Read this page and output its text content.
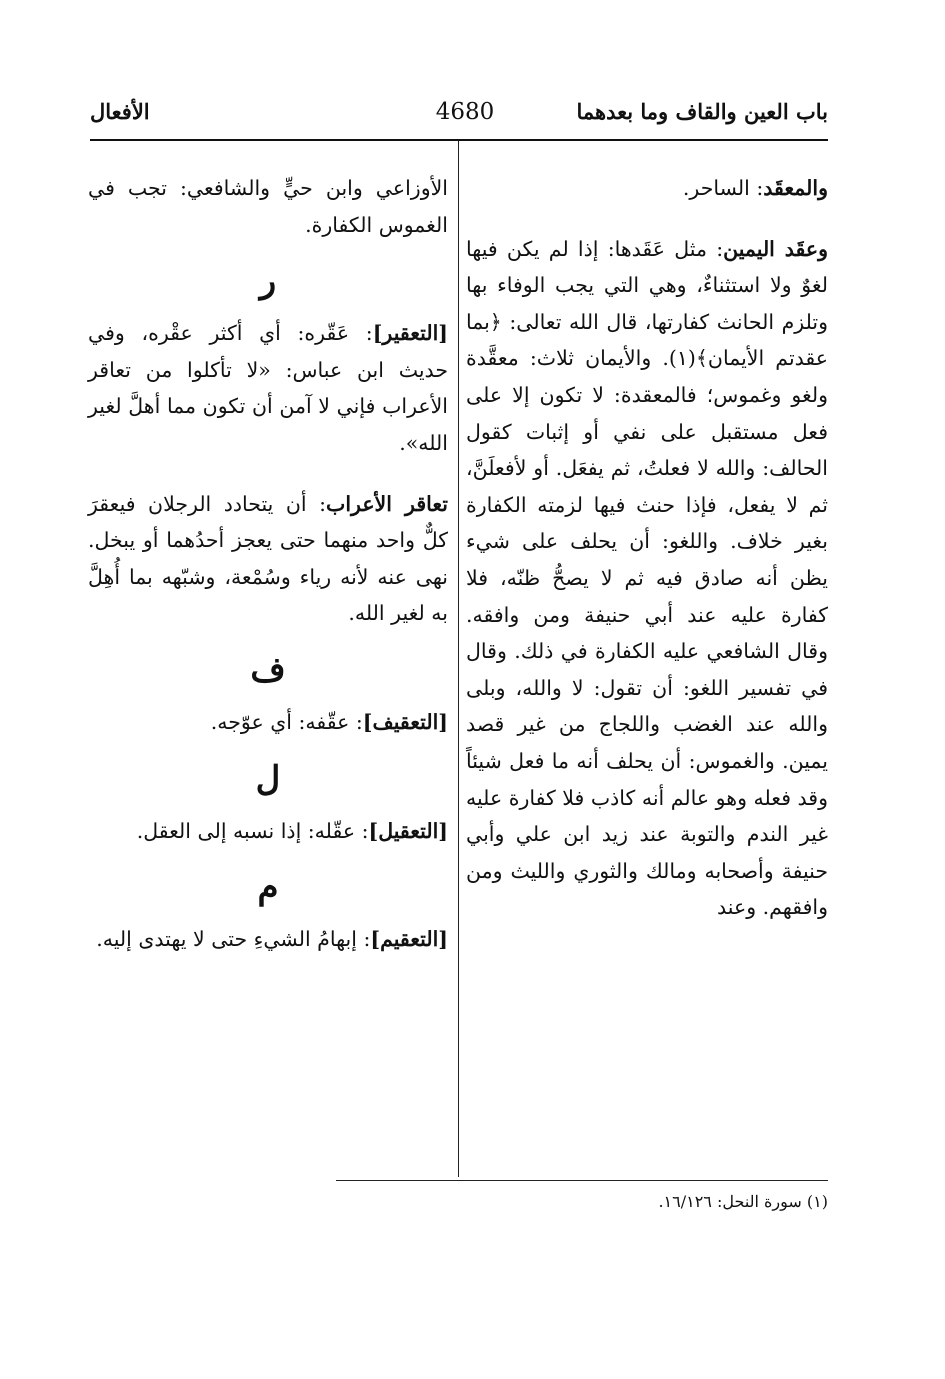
باب العين والقاف وما بعدهما
4680
الأفعال

والمعقَد: الساحر.

وعقَد اليمين: مثل عَقَدها: إذا لم يكن فيها لغوٌ ولا استثناءٌ، وهي التي يجب الوفاء بها وتلزم الحانث كفارتها، قال الله تعالى: ﴿بما عقدتم الأيمان﴾(١). والأيمان ثلاث: معقَّدة ولغو وغموس؛ فالمعقدة: لا تكون إلا على فعل مستقبل على نفي أو إثبات كقول الحالف: والله لا فعلتُ، ثم يفعَل. أو لأفعلَنَّ، ثم لا يفعل، فإذا حنث فيها لزمته الكفارة بغير خلاف. واللغو: أن يحلف على شيء يظن أنه صادق فيه ثم لا يصحُّ ظنّه، فلا كفارة عليه عند أبي حنيفة ومن وافقه. وقال الشافعي عليه الكفارة في ذلك. وقال في تفسير اللغو: أن تقول: لا والله، وبلى والله عند الغضب واللجاج من غير قصد يمين. والغموس: أن يحلف أنه ما فعل شيئاً وقد فعله وهو عالم أنه كاذب فلا كفارة عليه غير الندم والتوبة عند زيد ابن علي وأبي حنيفة وأصحابه ومالك والثوري والليث ومن وافقهم. وعند

الأوزاعي وابن حيٍّ والشافعي: تجب في الغموس الكفارة.

ر

[التعقير]: عَقّره: أي أكثر عقْره، وفي حديث ابن عباس: «لا تأكلوا من تعاقر الأعراب فإني لا آمن أن تكون مما أهلَّ لغير الله».

تعاقر الأعراب: أن يتحادد الرجلان فيعقرَ كلٌّ واحد منهما حتى يعجز أحدُهما أو يبخل. نهى عنه لأنه رياء وسُمْعة، وشبّهه بما أُهِلَّ به لغير الله.

ف

[التعقيف]: عقّفه: أي عوّجه.

ل

[التعقيل]: عقّله: إذا نسبه إلى العقل.

م

[التعقيم]: إبهامُ الشيءِ حتى لا يهتدى إليه.

(١) سورة النحل: ١٦/١٢٦.
